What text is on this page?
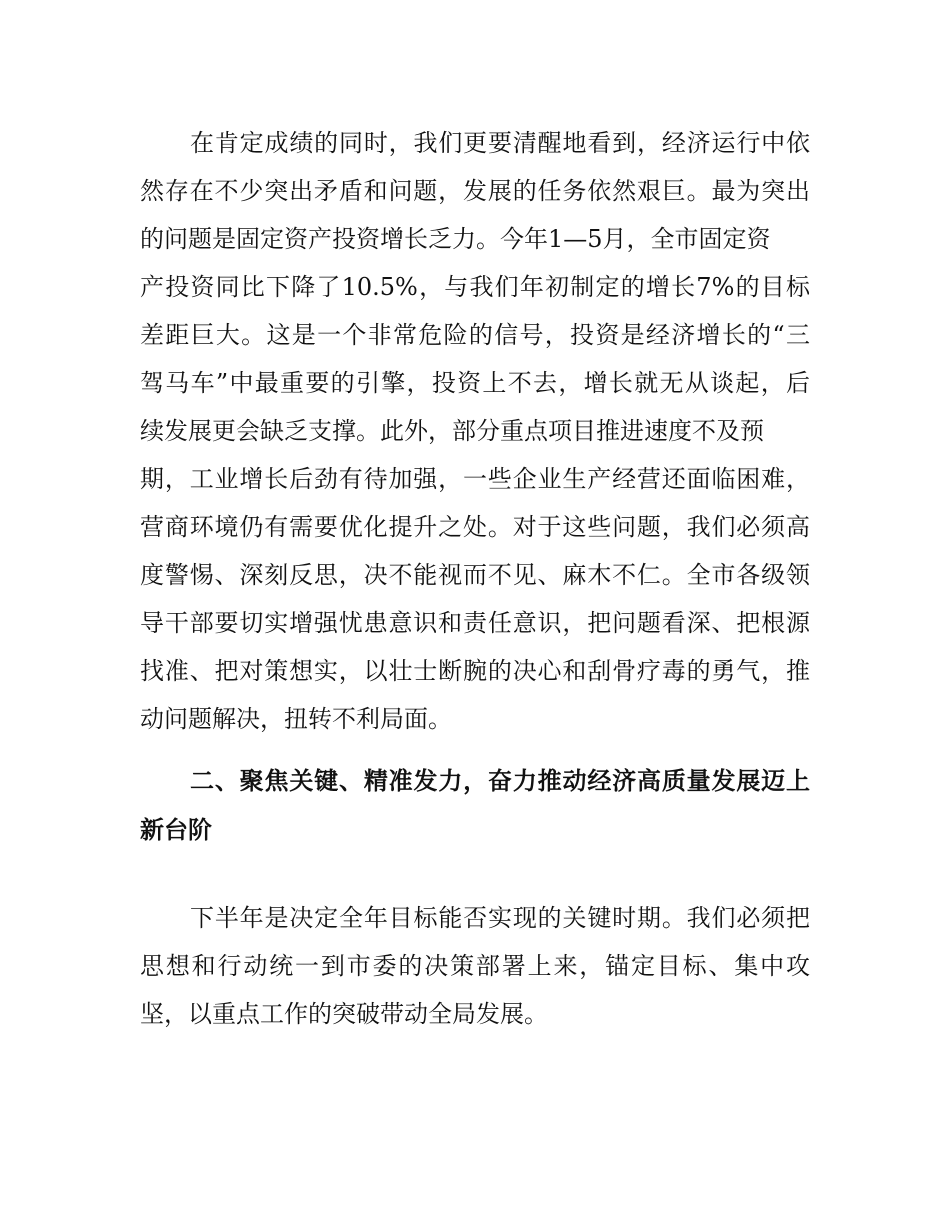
在肯定成绩的同时，我们更要清醒地看到，经济运行中依
然存在不少突出矛盾和问题，发展的任务依然艰巨。最为突出
的问题是固定资产投资增长乏力。今年1—5月，全市固定资
产投资同比下降了10.5%，与我们年初制定的增长7%的目标
差距巨大。这是一个非常危险的信号，投资是经济增长的“三
驾马车”中最重要的引擎，投资上不去，增长就无从谈起，后
续发展更会缺乏支撑。此外，部分重点项目推进速度不及预
期，工业增长后劲有待加强，一些企业生产经营还面临困难，
营商环境仍有需要优化提升之处。对于这些问题，我们必须高
度警惕、深刻反思，决不能视而不见、麻木不仁。全市各级领
导干部要切实增强忧患意识和责任意识，把问题看深、把根源
找准、把对策想实，以壮士断腕的决心和刮骨疗毒的勇气，推
动问题解决，扭转不利局面。
二、聚焦关键、精准发力，奋力推动经济高质量发展迈上
新台阶
下半年是决定全年目标能否实现的关键时期。我们必须把
思想和行动统一到市委的决策部署上来，锚定目标、集中攻
坚，以重点工作的突破带动全局发展。
